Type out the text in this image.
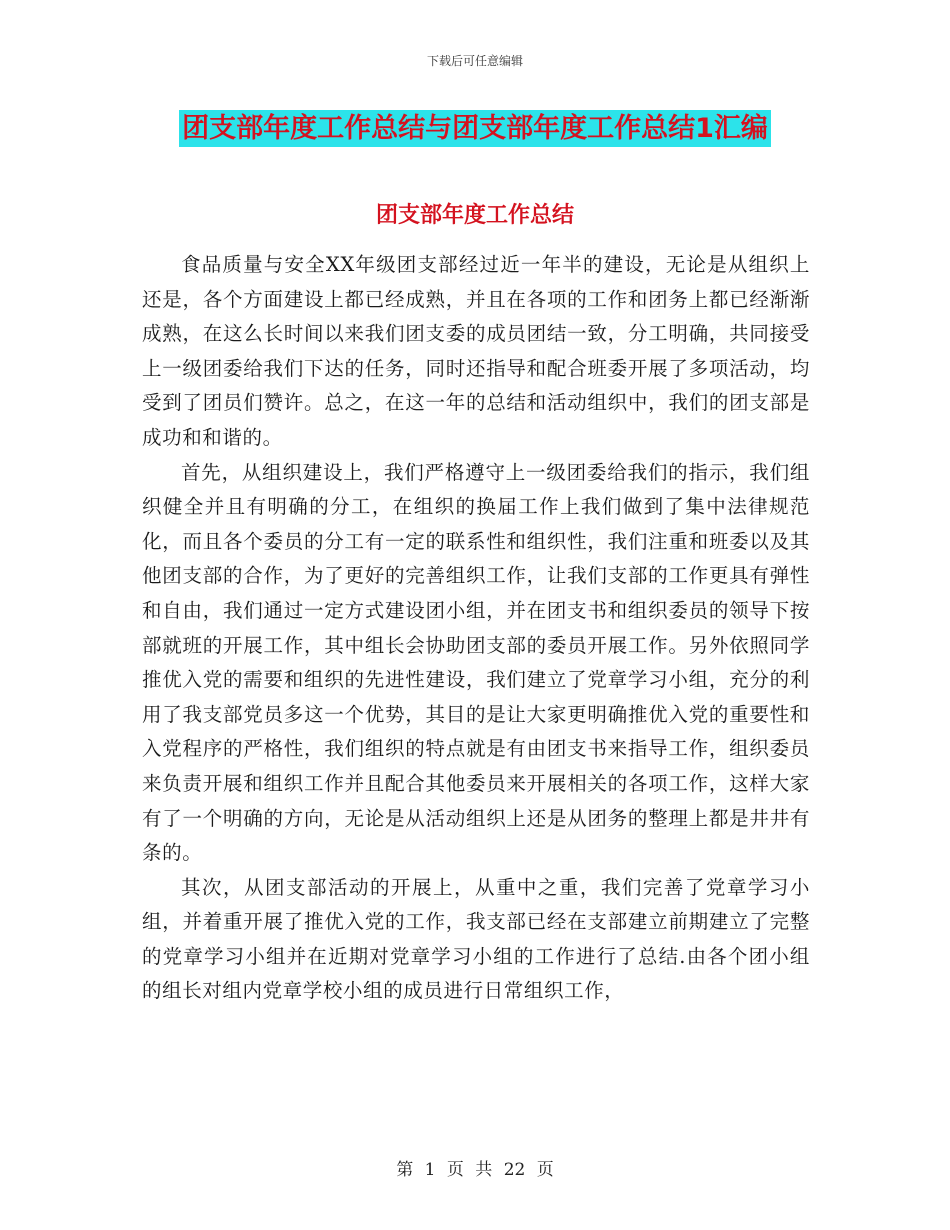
下载后可任意编辑
团支部年度工作总结与团支部年度工作总结1汇编
团支部年度工作总结

食品质量与安全XX年级团支部经过近一年半的建设，无论是从组织上还是，各个方面建设上都已经成熟，并且在各项的工作和团务上都已经渐渐成熟，在这么长时间以来我们团支委的成员团结一致，分工明确，共同接受上一级团委给我们下达的任务，同时还指导和配合班委开展了多项活动，均受到了团员们赞许。总之，在这一年的总结和活动组织中，我们的团支部是成功和和谐的。

首先，从组织建设上，我们严格遵守上一级团委给我们的指示，我们组织健全并且有明确的分工，在组织的换届工作上我们做到了集中法律规范化，而且各个委员的分工有一定的联系性和组织性，我们注重和班委以及其他团支部的合作，为了更好的完善组织工作，让我们支部的工作更具有弹性和自由，我们通过一定方式建设团小组，并在团支书和组织委员的领导下按部就班的开展工作，其中组长会协助团支部的委员开展工作。另外依照同学推优入党的需要和组织的先进性建设，我们建立了党章学习小组，充分的利用了我支部党员多这一个优势，其目的是让大家更明确推优入党的重要性和入党程序的严格性，我们组织的特点就是有由团支书来指导工作，组织委员来负责开展和组织工作并且配合其他委员来开展相关的各项工作，这样大家有了一个明确的方向，无论是从活动组织上还是从团务的整理上都是井井有条的。

其次，从团支部活动的开展上，从重中之重，我们完善了党章学习小组，并着重开展了推优入党的工作，我支部已经在支部建立前期建立了完整的党章学习小组并在近期对党章学习小组的工作进行了总结.由各个团小组的组长对组内党章学校小组的成员进行日常组织工作，

第 1 页 共 22 页
